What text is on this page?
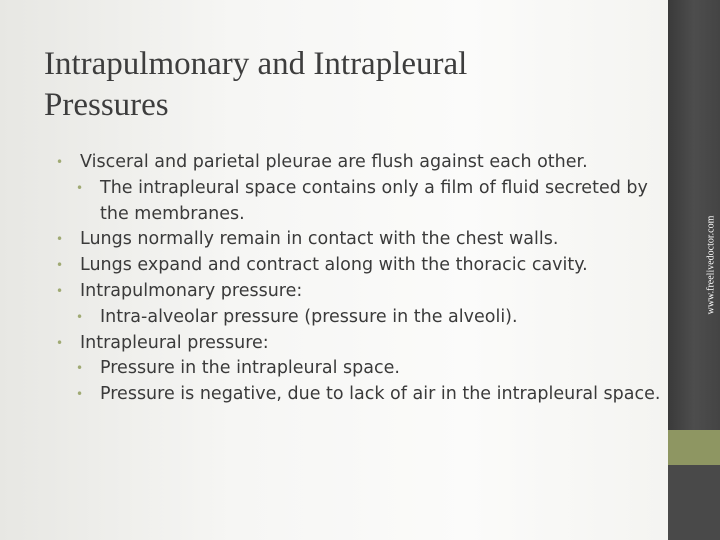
Intrapulmonary and Intrapleural
Pressures
• Visceral and parietal pleurae are flush against each other.
• The intrapleural space contains only a film of fluid secreted by the membranes.
• Lungs normally remain in contact with the chest walls.
• Lungs expand and contract along with the thoracic cavity.
• Intrapulmonary pressure:
• Intra-alveolar pressure (pressure in the alveoli).
• Intrapleural pressure:
• Pressure in the intrapleural space.
• Pressure is negative, due to lack of air in the intrapleural space.
www.freelivedoctor.com
